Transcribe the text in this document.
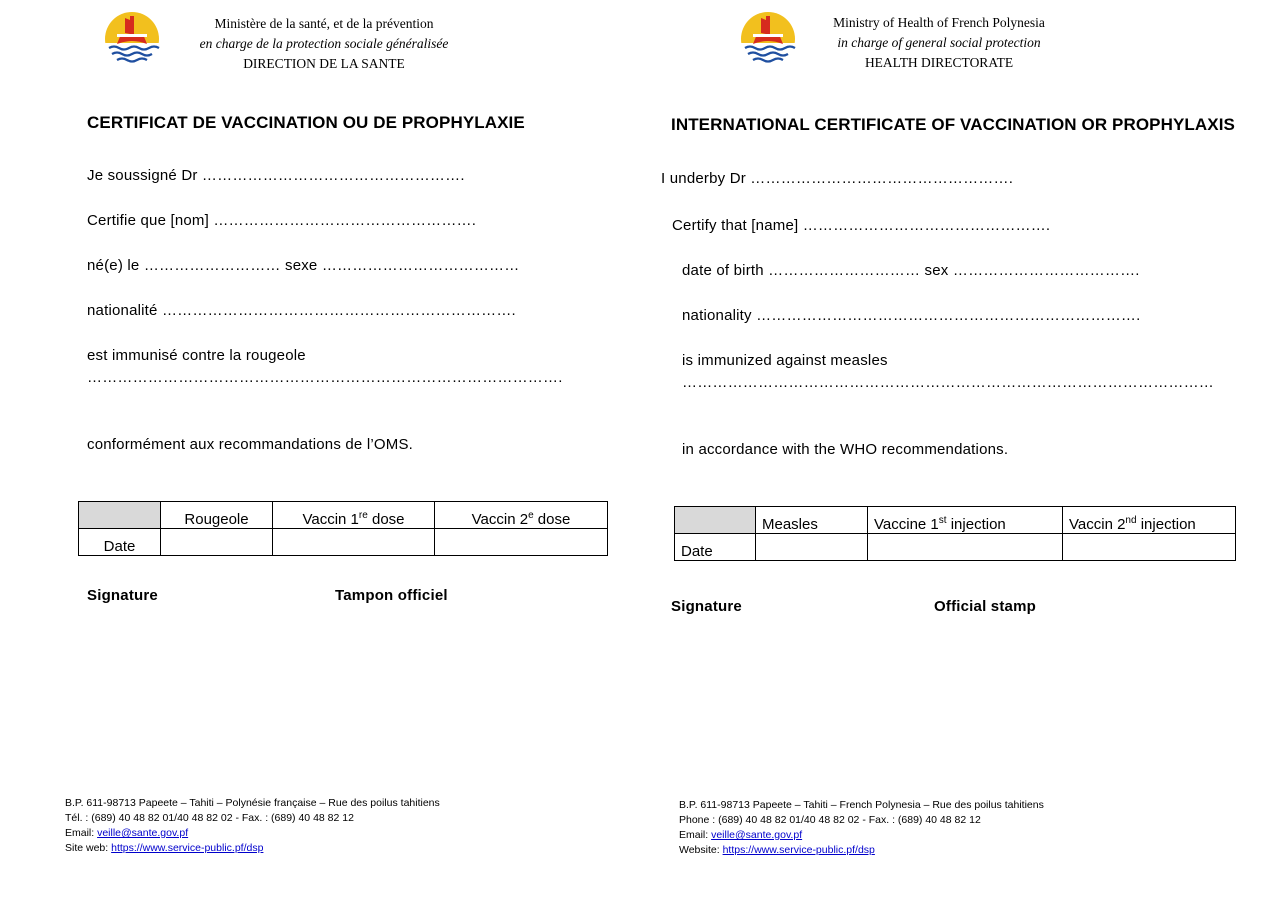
Ministère de la santé, et de la prévention
en charge de la protection sociale généralisée
DIRECTION DE LA SANTE
CERTIFICAT DE VACCINATION OU DE PROPHYLAXIE
Je soussigné Dr …………………………………………….
Certifie que [nom] …………………………………………….
né(e) le ……………………… sexe …………………………………
nationalité …………………………………………………………….
est immunisé contre la rougeole
………………………………………………………………………………….
conformément aux recommandations de l’OMS.
	Rougeole	Vaccin 1re dose	Vaccin 2e dose
Date			
Signature	Tampon officiel
B.P. 611-98713 Papeete – Tahiti – Polynésie française – Rue des poilus tahitiens
Tél. : (689) 40 48 82 01/40 48 82 02 - Fax. : (689) 40 48 82 12
Email: veille@sante.gov.pf
Site web: https://www.service-public.pf/dsp
Ministry of Health of French Polynesia
in charge of general social protection
HEALTH DIRECTORATE
INTERNATIONAL CERTIFICATE OF VACCINATION OR PROPHYLAXIS
I underby Dr …………………………………………….
Certify that [name] ………………………………………….
date of birth ………………………… sex ……………………………….
nationality ………………………………………………………………….
is immunized against measles
……………………………………………………………………………………………
in accordance with the WHO recommendations.
	Measles	Vaccine 1st injection	Vaccin 2nd injection
Date			
Signature	Official stamp
B.P. 611-98713 Papeete – Tahiti – French Polynesia – Rue des poilus tahitiens
Phone : (689) 40 48 82 01/40 48 82 02 - Fax. : (689) 40 48 82 12
Email: veille@sante.gov.pf
Website: https://www.service-public.pf/dsp
